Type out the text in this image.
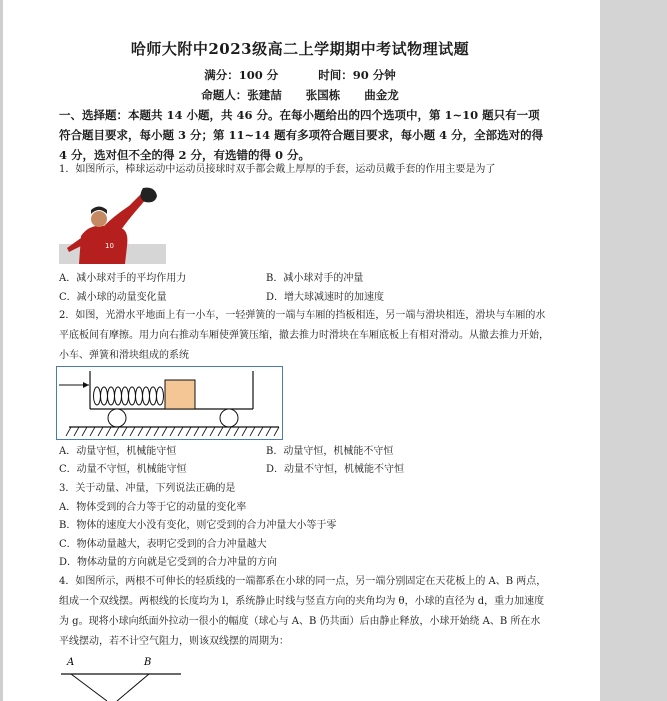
哈师大附中2023级高二上学期期中考试物理试题
满分：100 分	时间：90 分钟
命题人：张建喆 张国栋 曲金龙
一、选择题：本题共 14 小题，共 46 分。在每小题给出的四个选项中，第 1~10 题只有一项符合题目要求，每小题 3 分；第 11~14 题有多项符合题目要求，每小题 4 分，全部选对的得 4 分，选对但不全的得 2 分，有选错的得 0 分。
1．如图所示，棒球运动中运动员接球时双手都会戴上厚厚的手套，运动员戴手套的作用主要是为了
10
A．减小球对手的平均作用力	B．减小球对手的冲量
C．减小球的动量变化量	D．增大球减速时的加速度
2．如图，光滑水平地面上有一小车，一轻弹簧的一端与车厢的挡板相连，另一端与滑块相连，滑块与车厢的水平底板间有摩擦。用力向右推动车厢使弹簧压缩，撤去推力时滑块在车厢底板上有相对滑动。从撤去推力开始，小车、弹簧和滑块组成的系统
A．动量守恒，机械能守恒	B．动量守恒，机械能不守恒
C．动量不守恒，机械能守恒	D．动量不守恒，机械能不守恒
3．关于动量、冲量，下列说法正确的是
A．物体受到的合力等于它的动量的变化率
B．物体的速度大小没有变化，则它受到的合力冲量大小等于零
C．物体动量越大，表明它受到的合力冲量越大
D．物体动量的方向就是它受到的合力冲量的方向
4．如图所示，两根不可伸长的轻质线的一端都系在小球的同一点，另一端分别固定在天花板上的 A、B 两点，组成一个双线摆。两根线的长度均为 l，系统静止时线与竖直方向的夹角均为 θ，小球的直径为 d，重力加速度为 g。现将小球向纸面外拉动一很小的幅度（球心与 A、B 仍共面）后由静止释放，小球开始绕 A、B 所在水平线摆动，若不计空气阻力，则该双线摆的周期为：
A	B
